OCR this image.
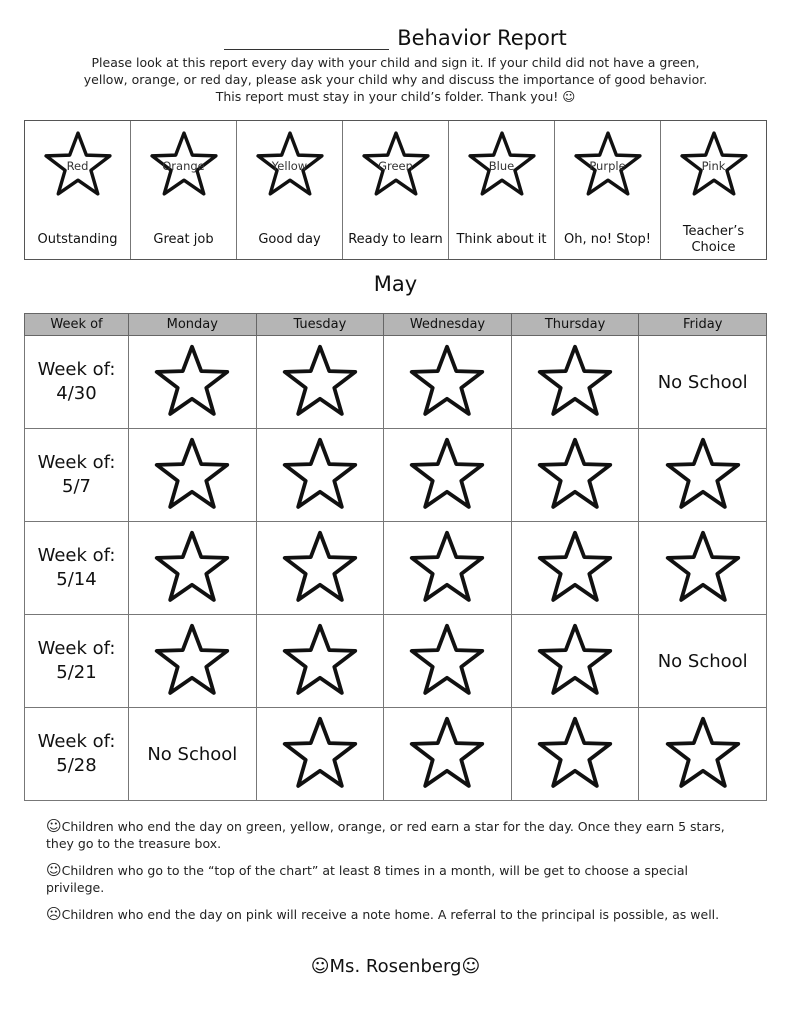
Behavior Report
Please look at this report every day with your child and sign it. If your child did not have a green,
yellow, orange, or red day, please ask your child why and discuss the importance of good behavior.
This report must stay in your child’s folder. Thank you! ☺
Red
Outstanding
Orange
Great job
Yellow
Good day
Green
Ready to learn
Blue
Think about it
Purple
Oh, no! Stop!
Pink
Teacher’s Choice
May
Week of	Monday	Tuesday	Wednesday	Thursday	Friday

Week of:
4/30					No School

Week of:
5/7

Week of:
5/14

Week of:
5/21					No School

Week of:
5/28	No School	

☺Children who end the day on green, yellow, orange, or red earn a star for the day. Once they earn 5 stars, they go to the treasure box.

☺Children who go to the “top of the chart” at least 8 times in a month, will be get to choose a special privilege.

☹Children who end the day on pink will receive a note home. A referral to the principal is possible, as well.

☺Ms. Rosenberg☺
